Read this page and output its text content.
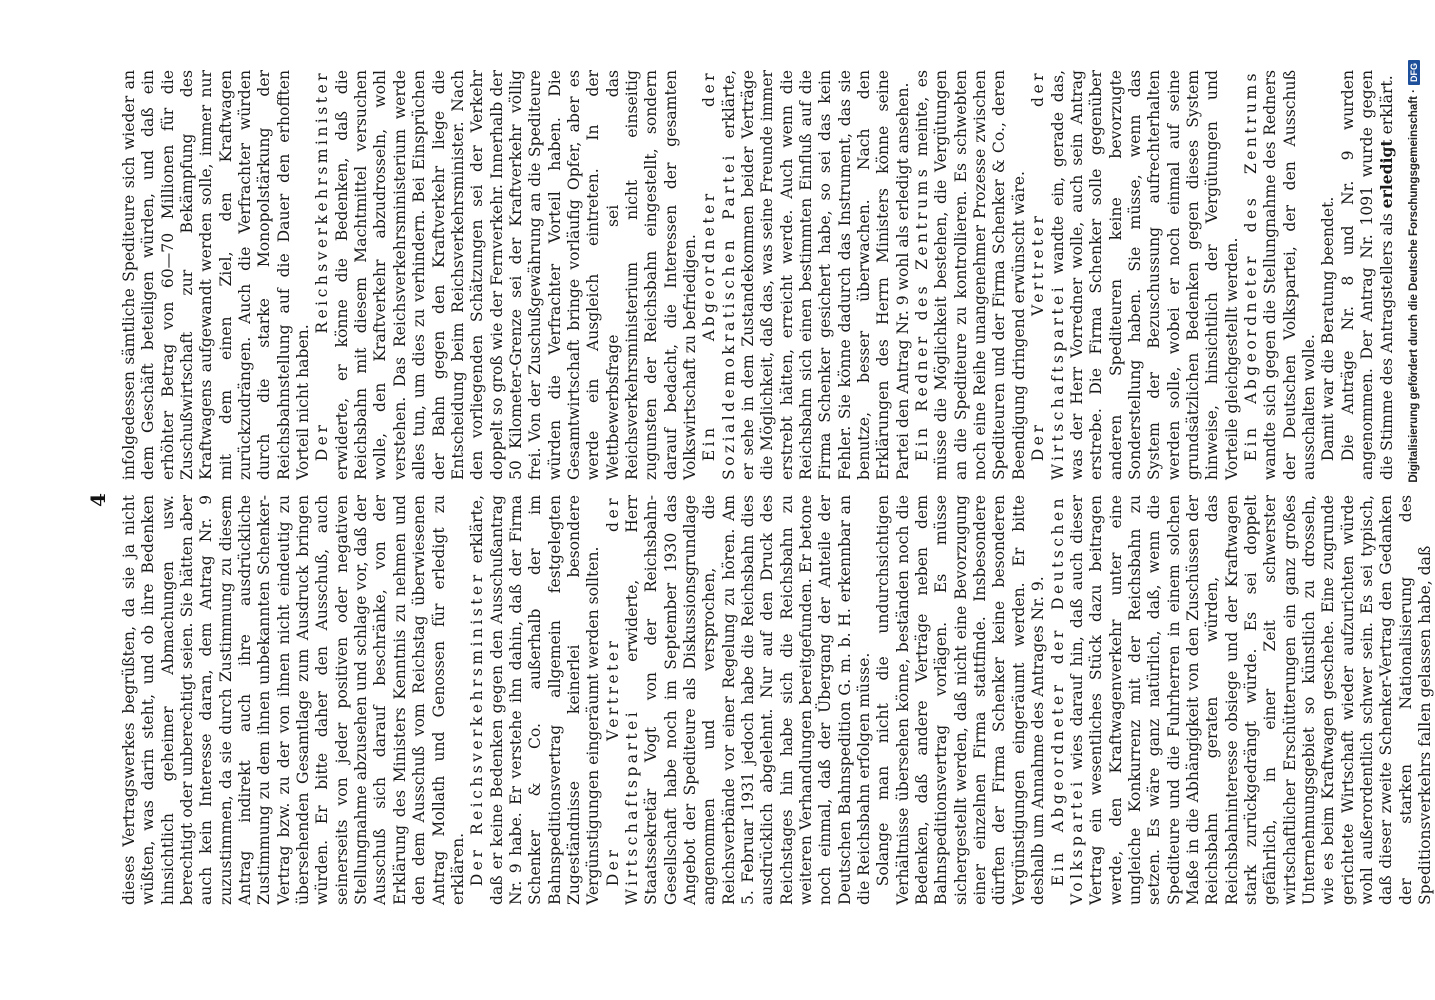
4 dieses Vertragswerkes begrüßten, da sie ja nicht wüßten, was darin steht, und ob ihre Bedenken hinsichtlich geheimer Abmachungen usw. berechtigt oder unberechtigt seien. Sie hätten aber auch kein Interesse daran, dem Antrag Nr. 9 zuzustimmen, da sie durch Zustimmung zu diesem Antrag indirekt auch ihre ausdrückliche Zustimmung zu dem ihnen unbekannten Schenker-Vertrag bzw. zu der von ihnen nicht eindeutig zu übersehenden Gesamtlage zum Ausdruck bringen würden. Er bitte daher den Ausschuß, auch seinerseits von jeder positiven oder negativen Stellungnahme abzusehen und schlage vor, daß der Ausschuß sich darauf beschränke, von der Erklärung des Ministers Kenntnis zu nehmen und den dem Ausschuß vom Reichstag überwiesenen Antrag Mollath und Genossen für erledigt zu erklären. Der Reichsverkehrsminister erklärte, daß er keine Bedenken gegen den Ausschußantrag Nr. 9 habe. Er verstehe ihn dahin, daß der Firma Schenker & Co. außerhalb der im Bahnspeditionsvertrag allgemein festgelegten Zugeständnisse keinerlei besondere Vergünstigungen eingeräumt werden sollten. Der Vertreter der Wirtschaftspartei erwiderte, Herr Staatssekretär Vogt von der Reichsbahn-Gesellschaft habe noch im September 1930 das Angebot der Spediteure als Diskussionsgrundlage angenommen und versprochen, die Reichsverbände vor einer Regelung zu hören. Am 5. Februar 1931 jedoch habe die Reichsbahn dies ausdrücklich abgelehnt. Nur auf den Druck des Reichstages hin habe sich die Reichsbahn zu weiteren Verhandlungen bereitgefunden. Er betone noch einmal, daß der Übergang der Anteile der Deutschen Bahnspedition G. m. b. H. erkennbar an die Reichsbahn erfolgen müsse. Solange man nicht die undurchsichtigen Verhältnisse übersehen könne, beständen noch die Bedenken, daß andere Verträge neben dem Bahnspeditionsvertrag vorlägen. Es müsse sichergestellt werden, daß nicht eine Bevorzugung einer einzelnen Firma stattfinde. Insbesondere dürften der Firma Schenker keine besonderen Vergünstigungen eingeräumt werden. Er bitte deshalb um Annahme des Antrages Nr. 9. Ein Abgeordneter der Deutschen Volkspartei wies darauf hin, daß auch dieser Vertrag ein wesentliches Stück dazu beitragen werde, den Kraftwagenverkehr unter eine ungleiche Konkurrenz mit der Reichsbahn zu setzen. Es wäre ganz natürlich, daß, wenn die Spediteure und die Fuhrherren in einem solchen Maße in die Abhängigkeit von den Zuschüssen der Reichsbahn geraten würden, das Reichsbahninteresse obsiege und der Kraftwagen stark zurückgedrängt würde. Es sei doppelt gefährlich, in einer Zeit schwerster wirtschaftlicher Erschütterungen ein ganz großes Unternehmungsgebiet so künstlich zu drosseln, wie es beim Kraftwagen geschehe. Eine zugrunde gerichtete Wirtschaft wieder aufzurichten würde wohl außerordentlich schwer sein. Es sei typisch, daß dieser zweite Schenker-Vertrag den Gedanken der starken Nationalisierung des Speditionsverkehrs fallen gelassen habe, daß

infolgedessen sämtliche Spediteure sich wieder an dem Geschäft beteiligen würden, und daß ein erhöhter Betrag von 60—70 Millionen für die Zuschußwirtschaft zur Bekämpfung des Kraftwagens aufgewandt werden solle, immer nur mit dem einen Ziel, den Kraftwagen zurückzudrängen. Auch die Verfrachter würden durch die starke Monopolstärkung der Reichsbahnstellung auf die Dauer den erhofften Vorteil nicht haben. Der Reichsverkehrsminister erwiderte, er könne die Bedenken, daß die Reichsbahn mit diesem Machtmittel versuchen wolle, den Kraftverkehr abzudrosseln, wohl verstehen. Das Reichsverkehrsministerium werde alles tun, um dies zu verhindern. Bei Einsprüchen der Bahn gegen den Kraftverkehr liege die Entscheidung beim Reichsverkehrsminister. Nach den vorliegenden Schätzungen sei der Verkehr doppelt so groß wie der Fernverkehr. Innerhalb der 50 Kilometer-Grenze sei der Kraftverkehr völlig frei. Von der Zuschußgewährung an die Spediteure würden die Verfrachter Vorteil haben. Die Gesamtwirtschaft bringe vorläufig Opfer, aber es werde ein Ausgleich eintreten. In der Wettbewerbsfrage sei das Reichsverkehrsministerium nicht einseitig zugunsten der Reichsbahn eingestellt, sondern darauf bedacht, die Interessen der gesamten Volkswirtschaft zu befriedigen. Ein Abgeordneter der Sozialdemokratischen Partei erklärte, er sehe in dem Zustandekommen beider Verträge die Möglichkeit, daß das, was seine Freunde immer erstrebt hätten, erreicht werde. Auch wenn die Reichsbahn sich einen bestimmten Einfluß auf die Firma Schenker gesichert habe, so sei das kein Fehler. Sie könne dadurch das Instrument, das sie benutze, besser überwachen. Nach den Erklärungen des Herrn Ministers könne seine Partei den Antrag Nr. 9 wohl als erledigt ansehen. Ein Redner des Zentrums meinte, es müsse die Möglichkeit bestehen, die Vergütungen an die Spediteure zu kontrollieren. Es schwebten noch eine Reihe unangenehmer Prozesse zwischen Spediteuren und der Firma Schenker & Co., deren Beendigung dringend erwünscht wäre. Der Vertreter der Wirtschaftspartei wandte ein, gerade das, was der Herr Vorredner wolle, auch sein Antrag erstrebe. Die Firma Schenker solle gegenüber anderen Spediteuren keine bevorzugte Sonderstellung haben. Sie müsse, wenn das System der Bezuschussung aufrechterhalten werden solle, wobei er noch einmal auf seine grundsätzlichen Bedenken gegen dieses System hinweise, hinsichtlich der Vergütungen und Vorteile gleichgestellt werden. Ein Abgeordneter des Zentrums wandte sich gegen die Stellungnahme des Redners der Deutschen Volkspartei, der den Ausschuß ausschalten wolle. Damit war die Beratung beendet. Die Anträge Nr. 8 und Nr. 9 wurden angenommen. Der Antrag Nr. 1091 wurde gegen die Stimme des Antragstellers als erledigt erklärt. Digitalisierung gefördert durch die Deutsche Forschungsgemeinschaft ·
DFG
